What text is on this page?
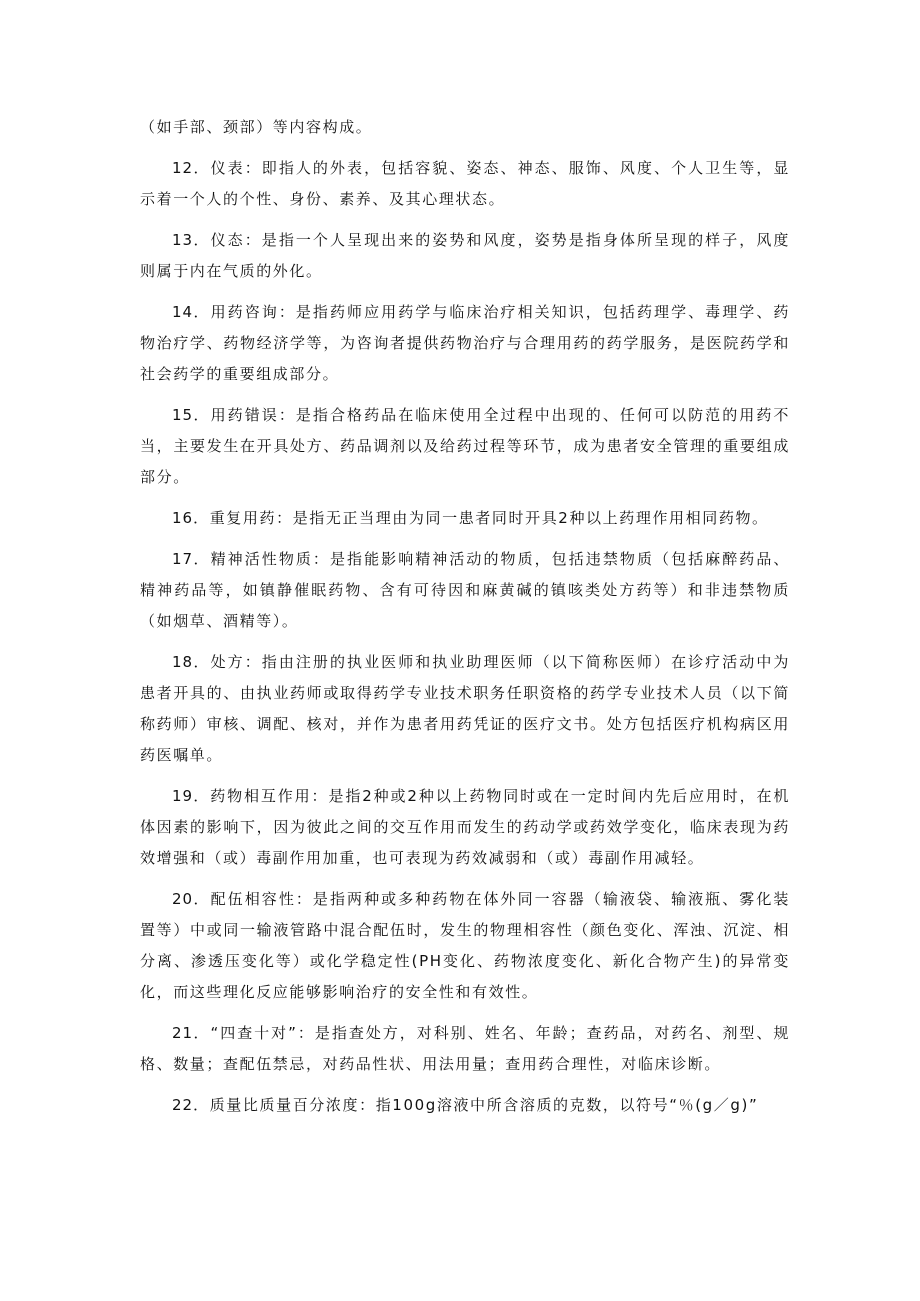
（如手部、颈部）等内容构成。

12．仪表：即指人的外表，包括容貌、姿态、神态、服饰、风度、个人卫生等，显示着一个人的个性、身份、素养、及其心理状态。

13．仪态：是指一个人呈现出来的姿势和风度，姿势是指身体所呈现的样子，风度则属于内在气质的外化。

14．用药咨询：是指药师应用药学与临床治疗相关知识，包括药理学、毒理学、药物治疗学、药物经济学等，为咨询者提供药物治疗与合理用药的药学服务，是医院药学和社会药学的重要组成部分。

15．用药错误：是指合格药品在临床使用全过程中出现的、任何可以防范的用药不当，主要发生在开具处方、药品调剂以及给药过程等环节，成为患者安全管理的重要组成部分。

16．重复用药：是指无正当理由为同一患者同时开具2种以上药理作用相同药物。

17．精神活性物质：是指能影响精神活动的物质，包括违禁物质（包括麻醉药品、精神药品等，如镇静催眠药物、含有可待因和麻黄碱的镇咳类处方药等）和非违禁物质（如烟草、酒精等）。

18．处方：指由注册的执业医师和执业助理医师（以下简称医师）在诊疗活动中为患者开具的、由执业药师或取得药学专业技术职务任职资格的药学专业技术人员（以下简称药师）审核、调配、核对，并作为患者用药凭证的医疗文书。处方包括医疗机构病区用药医嘱单。

19．药物相互作用：是指2种或2种以上药物同时或在一定时间内先后应用时，在机体因素的影响下，因为彼此之间的交互作用而发生的药动学或药效学变化，临床表现为药效增强和（或）毒副作用加重，也可表现为药效减弱和（或）毒副作用减轻。

20．配伍相容性：是指两种或多种药物在体外同一容器（输液袋、输液瓶、雾化装置等）中或同一输液管路中混合配伍时，发生的物理相容性（颜色变化、浑浊、沉淀、相分离、渗透压变化等）或化学稳定性(PH变化、药物浓度变化、新化合物产生)的异常变化，而这些理化反应能够影响治疗的安全性和有效性。

21．“四查十对”：是指查处方，对科别、姓名、年龄；查药品，对药名、剂型、规格、数量；查配伍禁忌，对药品性状、用法用量；查用药合理性，对临床诊断。

22．质量比质量百分浓度：指100g溶液中所含溶质的克数，以符号“％(g／g)”
